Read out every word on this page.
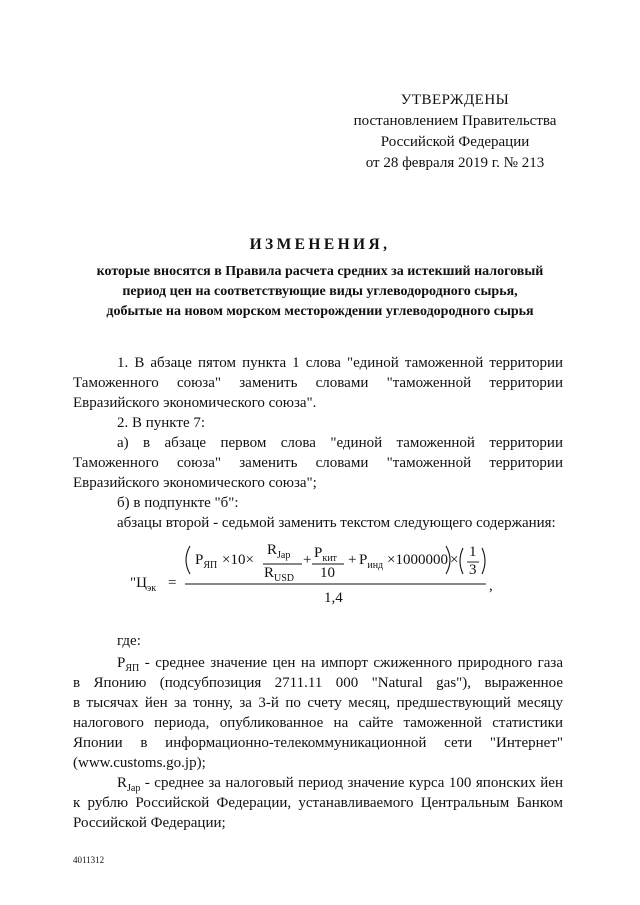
УТВЕРЖДЕНЫ
постановлением Правительства
Российской Федерации
от 28 февраля 2019 г. № 213
ИЗМЕНЕНИЯ,
которые вносятся в Правила расчета средних за истекший налоговый
период цен на соответствующие виды углеводородного сырья,
добытые на новом морском месторождении углеводородного сырья
1. В абзаце пятом пункта 1 слова "единой таможенной территории
Таможенного союза" заменить словами "таможенной территории
Евразийского экономического союза".
2. В пункте 7:
а) в абзаце первом слова "единой таможенной территории
Таможенного союза" заменить словами "таможенной территории
Евразийского экономического союза";
б) в подпункте "б":
абзацы второй - седьмой заменить текстом следующего содержания:
"$Ц_{эк}$ =
$P_{ЯП} \times 10\times$
$R_{Jap}$
$R_{USD}$
+ $P_{кит}$
10
+ $P_{инд} \times 1000000 \times 1$
3
1,4
,
где:
$P_{ЯП}$ - среднее значение цен на импорт сжиженного природного газа
в Японию (подсубпозиция 2711.11 000 "Natural gas"), выраженное
в тысячах йен за тонну, за 3-й по счету месяц, предшествующий месяцу
налогового периода, опубликованное на сайте таможенной статистики
Японии в информационно-телекоммуникационной сети "Интернет"
(www.customs.go.jp);
$R_{Jap}$ - среднее за налоговый период значение курса 100 японских йен
к рублю Российской Федерации, устанавливаемого Центральным Банком
Российской Федерации;
4011312
